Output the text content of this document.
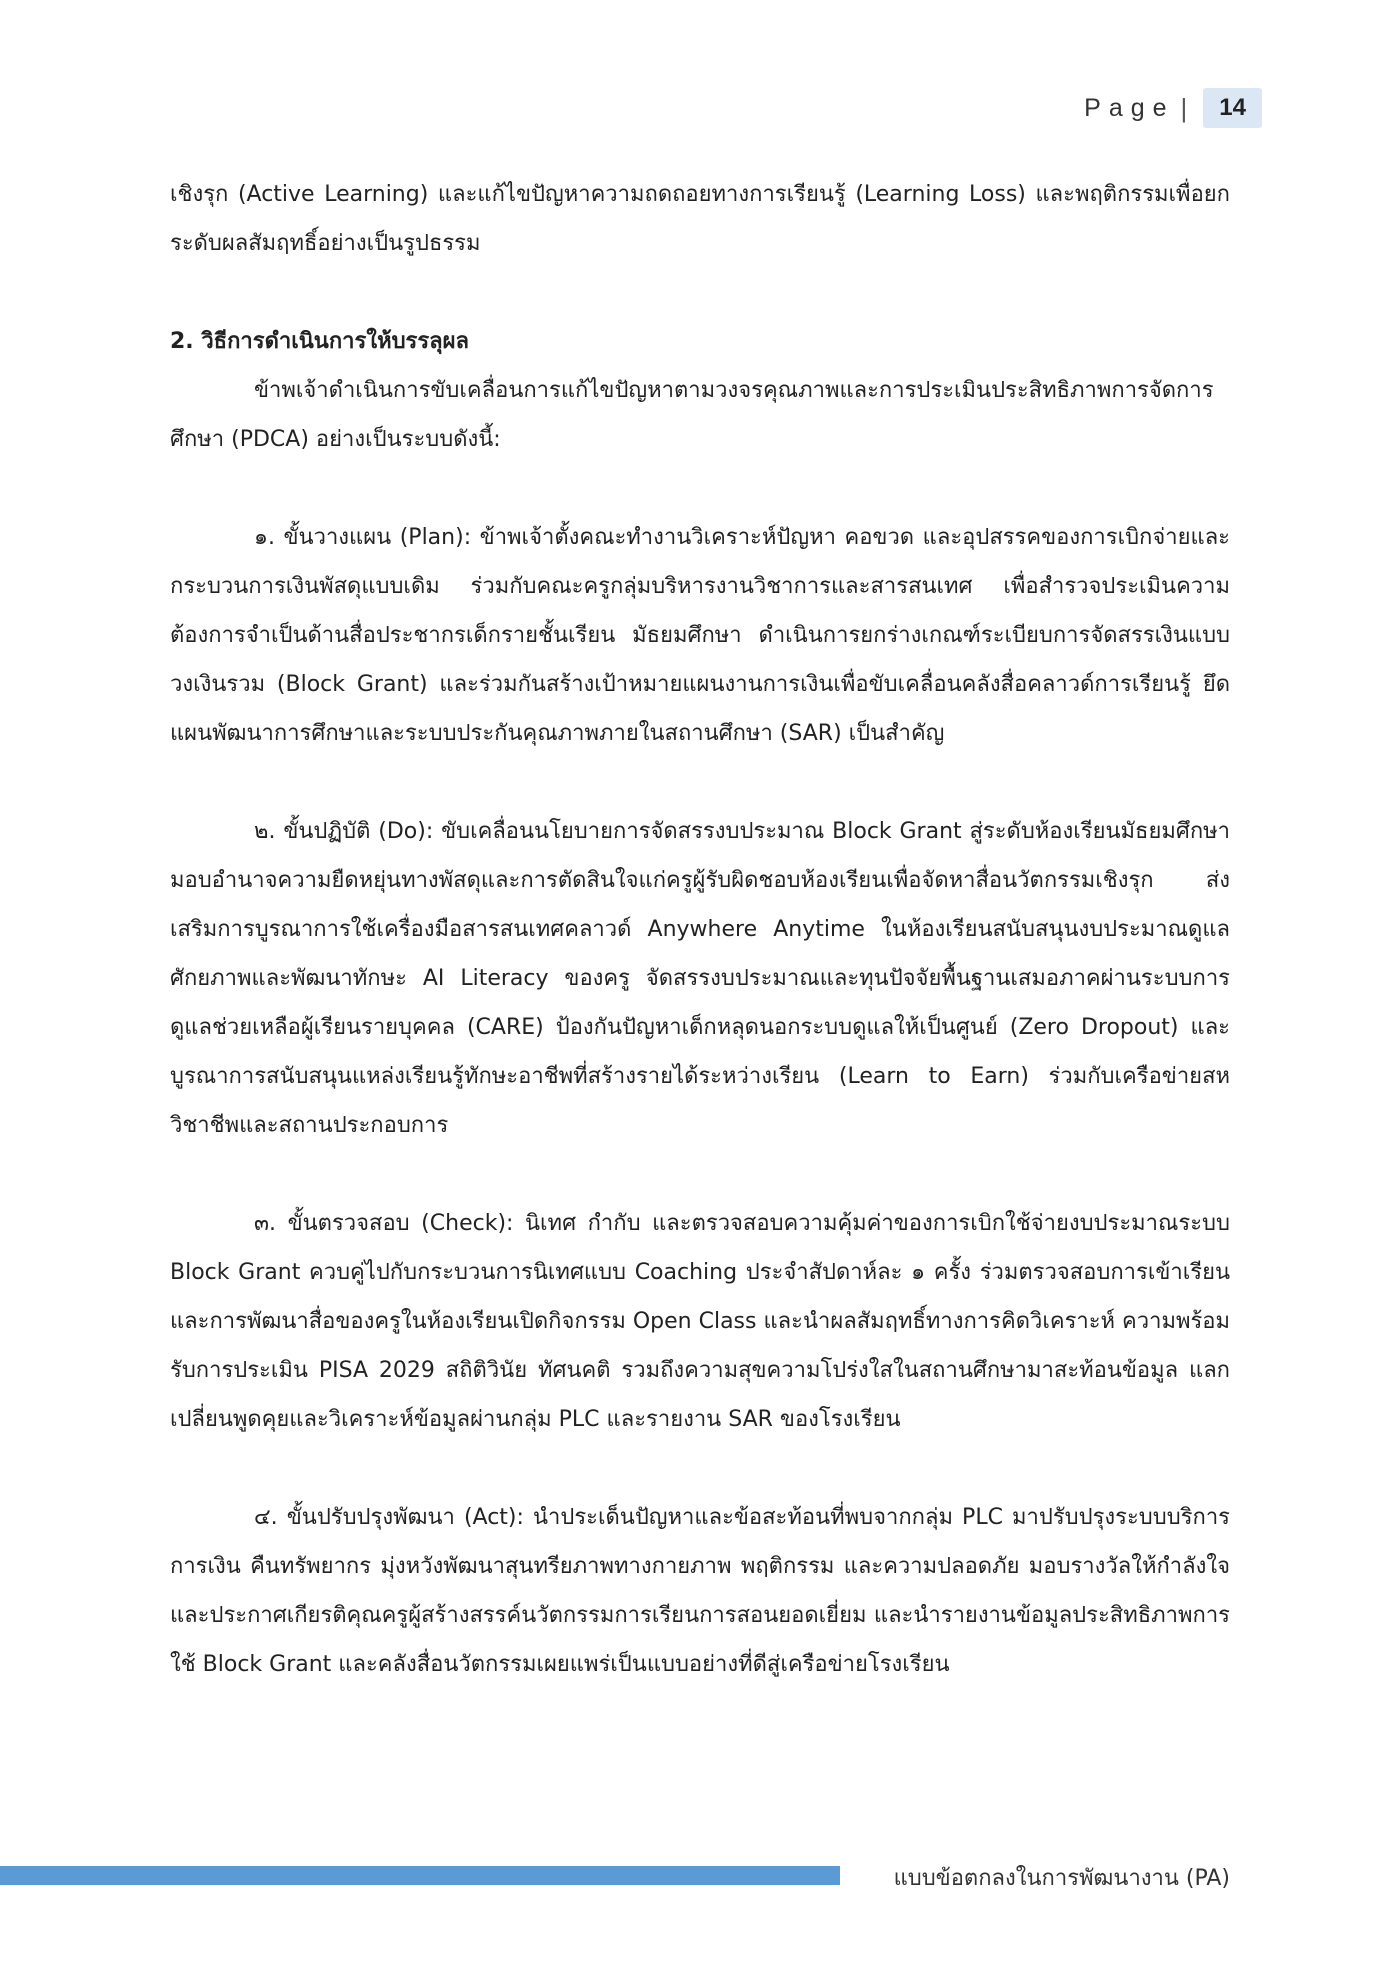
Page |	14

เชิงรุก (Active Learning) และแก้ไขปัญหาความถดถอยทางการเรียนรู้ (Learning Loss) และพฤติกรรมเพื่อยกระดับผลสัมฤทธิ์อย่างเป็นรูปธรรม

2. วิธีการดำเนินการให้บรรลุผล

ข้าพเจ้าดำเนินการขับเคลื่อนการแก้ไขปัญหาตามวงจรคุณภาพและการประเมินประสิทธิภาพการจัดการศึกษา (PDCA) อย่างเป็นระบบดังนี้:

๑. ขั้นวางแผน (Plan): ข้าพเจ้าตั้งคณะทำงานวิเคราะห์ปัญหา คอขวด และอุปสรรคของการเบิกจ่ายและกระบวนการเงินพัสดุแบบเดิม ร่วมกับคณะครูกลุ่มบริหารงานวิชาการและสารสนเทศ เพื่อสำรวจประเมินความต้องการจำเป็นด้านสื่อประชากรเด็กรายชั้นเรียน มัธยมศึกษา ดำเนินการยกร่างเกณฑ์ระเบียบการจัดสรรเงินแบบวงเงินรวม (Block Grant) และร่วมกันสร้างเป้าหมายแผนงานการเงินเพื่อขับเคลื่อนคลังสื่อคลาวด์การเรียนรู้ ยึดแผนพัฒนาการศึกษาและระบบประกันคุณภาพภายในสถานศึกษา (SAR) เป็นสำคัญ

๒. ขั้นปฏิบัติ (Do): ขับเคลื่อนนโยบายการจัดสรรงบประมาณ Block Grant สู่ระดับห้องเรียนมัธยมศึกษา มอบอำนาจความยืดหยุ่นทางพัสดุและการตัดสินใจแก่ครูผู้รับผิดชอบห้องเรียนเพื่อจัดหาสื่อนวัตกรรมเชิงรุก ส่งเสริมการบูรณาการใช้เครื่องมือสารสนเทศคลาวด์ Anywhere Anytime ในห้องเรียนสนับสนุนงบประมาณดูแลศักยภาพและพัฒนาทักษะ AI Literacy ของครู จัดสรรงบประมาณและทุนปัจจัยพื้นฐานเสมอภาคผ่านระบบการดูแลช่วยเหลือผู้เรียนรายบุคคล (CARE) ป้องกันปัญหาเด็กหลุดนอกระบบดูแลให้เป็นศูนย์ (Zero Dropout) และบูรณาการสนับสนุนแหล่งเรียนรู้ทักษะอาชีพที่สร้างรายได้ระหว่างเรียน (Learn to Earn) ร่วมกับเครือข่ายสหวิชาชีพและสถานประกอบการ

๓. ขั้นตรวจสอบ (Check): นิเทศ กำกับ และตรวจสอบความคุ้มค่าของการเบิกใช้จ่ายงบประมาณระบบ Block Grant ควบคู่ไปกับกระบวนการนิเทศแบบ Coaching ประจำสัปดาห์ละ ๑ ครั้ง ร่วมตรวจสอบการเข้าเรียนและการพัฒนาสื่อของครูในห้องเรียนเปิดกิจกรรม Open Class และนำผลสัมฤทธิ์ทางการคิดวิเคราะห์ ความพร้อมรับการประเมิน PISA 2029 สถิติวินัย ทัศนคติ รวมถึงความสุขความโปร่งใสในสถานศึกษามาสะท้อนข้อมูล แลกเปลี่ยนพูดคุยและวิเคราะห์ข้อมูลผ่านกลุ่ม PLC และรายงาน SAR ของโรงเรียน

๔. ขั้นปรับปรุงพัฒนา (Act): นำประเด็นปัญหาและข้อสะท้อนที่พบจากกลุ่ม PLC มาปรับปรุงระบบบริการการเงิน คืนทรัพยากร มุ่งหวังพัฒนาสุนทรียภาพทางกายภาพ พฤติกรรม และความปลอดภัย มอบรางวัลให้กำลังใจและประกาศเกียรติคุณครูผู้สร้างสรรค์นวัตกรรมการเรียนการสอนยอดเยี่ยม และนำรายงานข้อมูลประสิทธิภาพการใช้ Block Grant และคลังสื่อนวัตกรรมเผยแพร่เป็นแบบอย่างที่ดีสู่เครือข่ายโรงเรียน

แบบข้อตกลงในการพัฒนางาน (PA)
